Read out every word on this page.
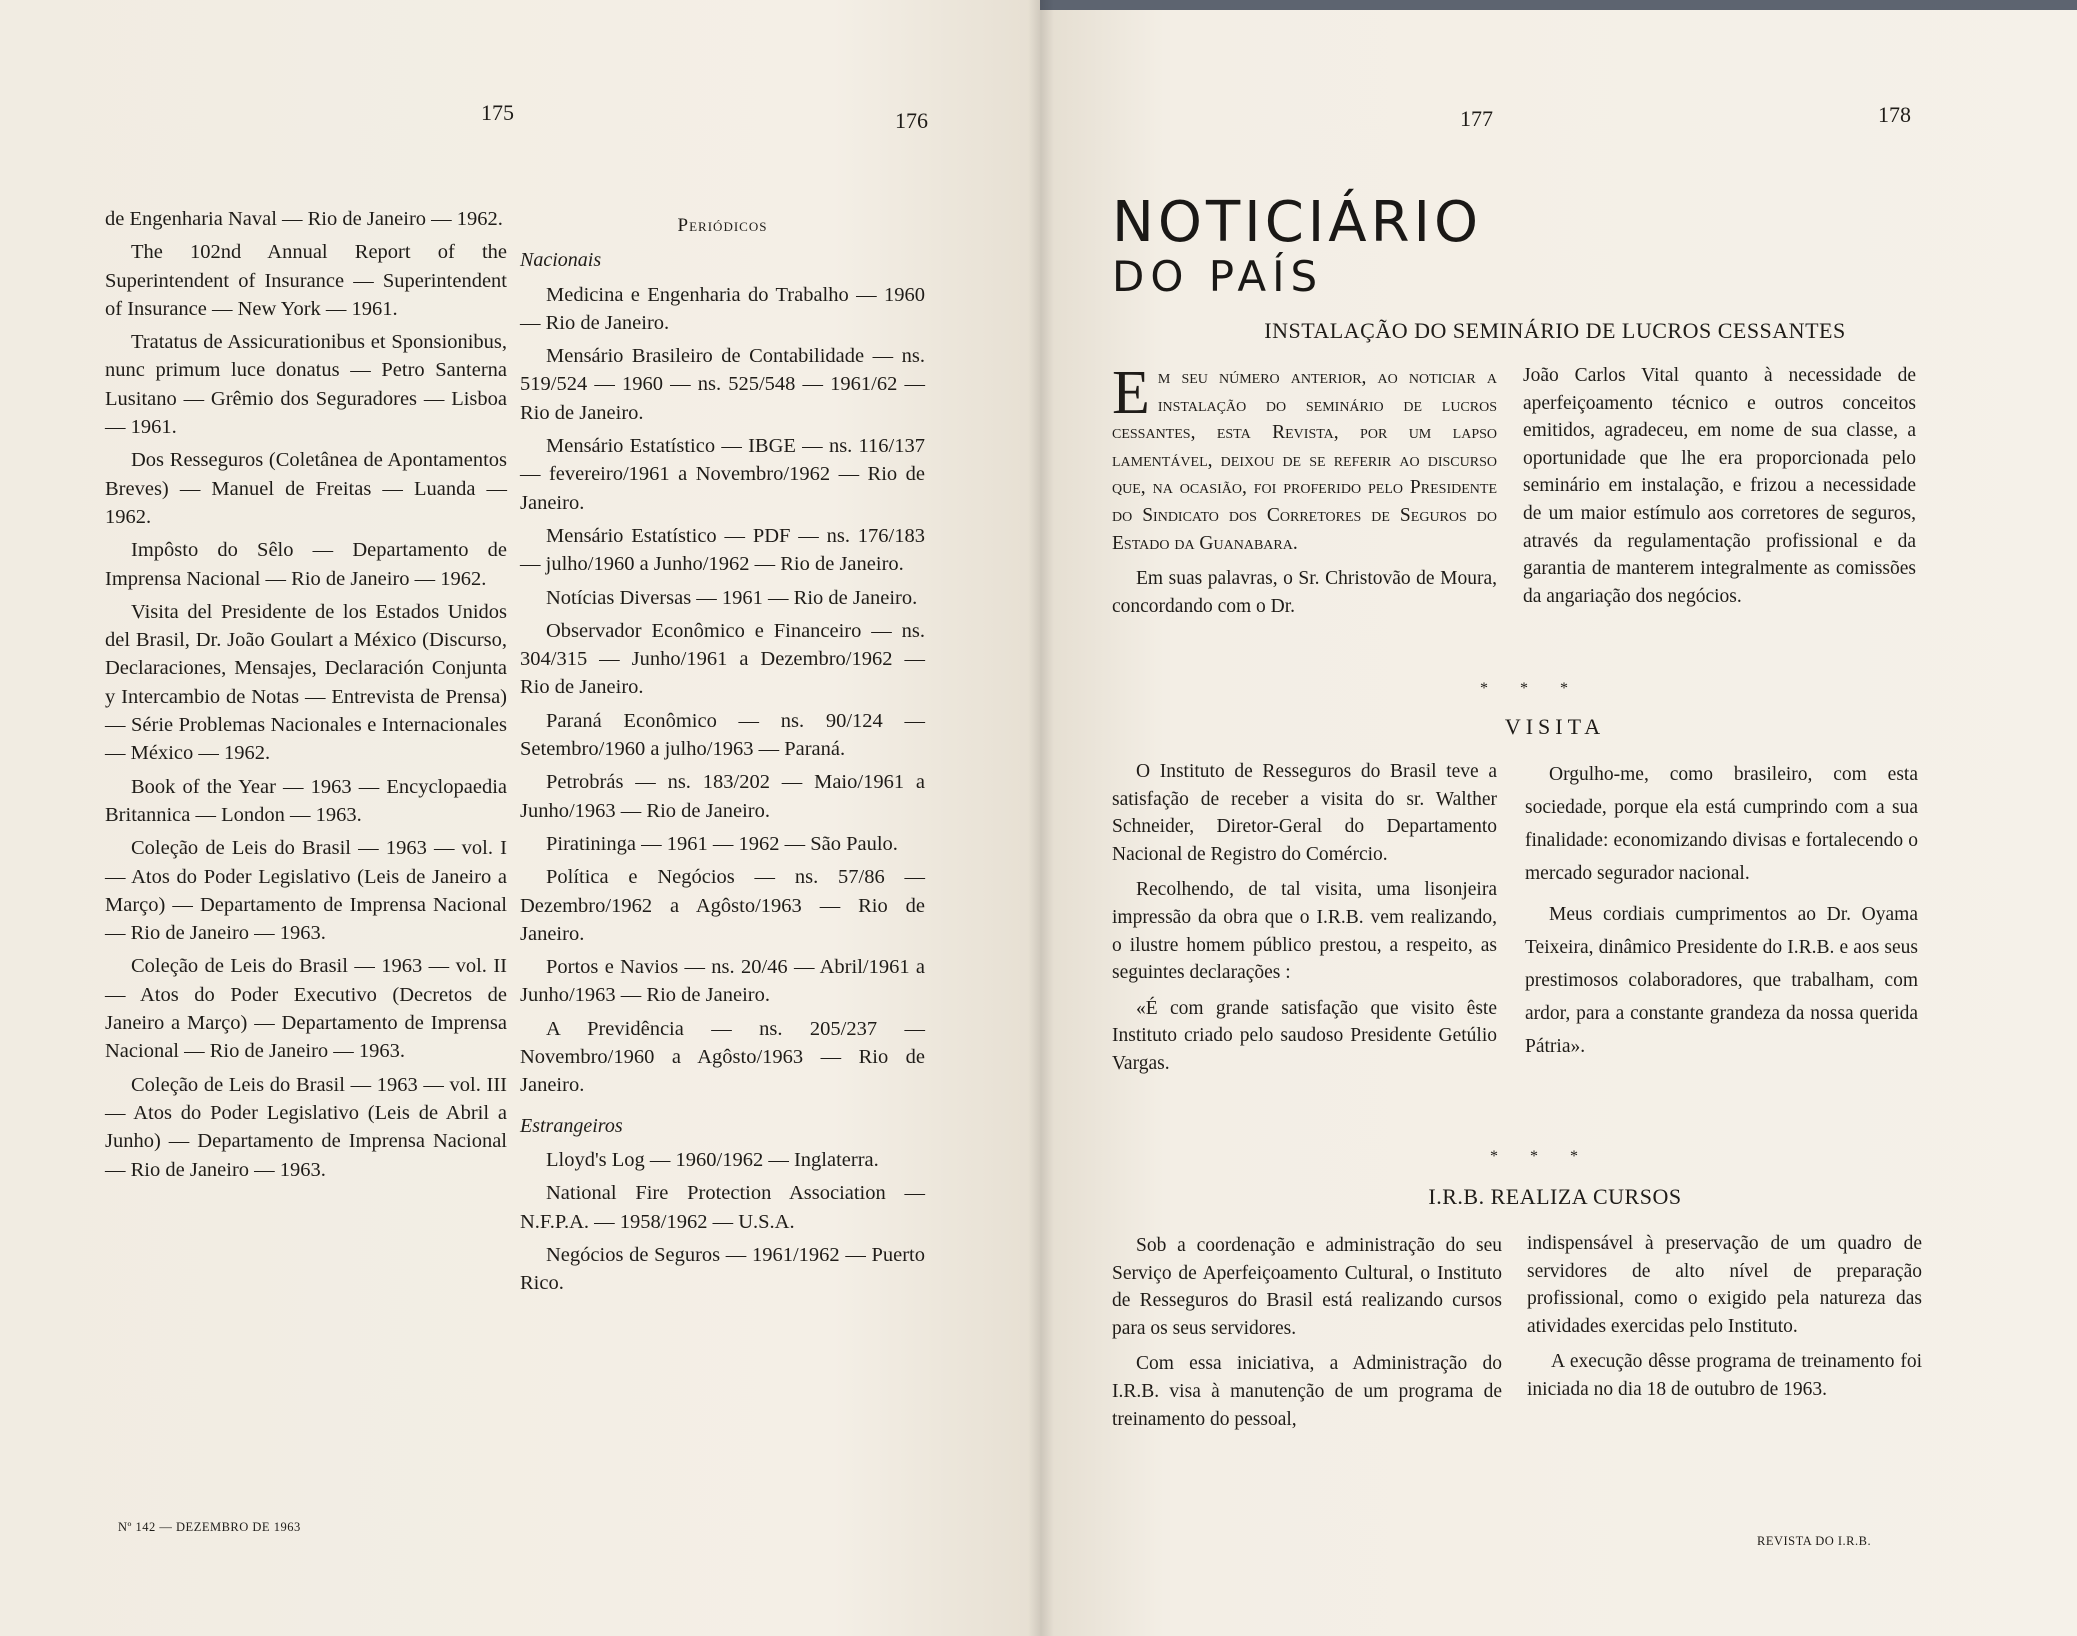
175	176

de Engenharia Naval — Rio de Janeiro — 1962.

The 102nd Annual Report of the Superintendent of Insurance — Superintendent of Insurance — New York — 1961.

Tratatus de Assicurationibus et Sponsionibus, nunc primum luce donatus — Petro Santerna Lusitano — Grêmio dos Seguradores — Lisboa — 1961.

Dos Resseguros (Coletânea de Apontamentos Breves) — Manuel de Freitas — Luanda — 1962.

Impôsto do Sêlo — Departamento de Imprensa Nacional — Rio de Janeiro — 1962.

Visita del Presidente de los Estados Unidos del Brasil, Dr. João Goulart a México (Discurso, Declaraciones, Mensajes, Declaración Conjunta y Intercambio de Notas — Entrevista de Prensa) — Série Problemas Nacionales e Internacionales — México — 1962.

Book of the Year — 1963 — Encyclopaedia Britannica — London — 1963.

Coleção de Leis do Brasil — 1963 — vol. I — Atos do Poder Legislativo (Leis de Janeiro a Março) — Departamento de Imprensa Nacional — Rio de Janeiro — 1963.

Coleção de Leis do Brasil — 1963 — vol. II — Atos do Poder Executivo (Decretos de Janeiro a Março) — Departamento de Imprensa Nacional — Rio de Janeiro — 1963.

Coleção de Leis do Brasil — 1963 — vol. III — Atos do Poder Legislativo (Leis de Abril a Junho) — Departamento de Imprensa Nacional — Rio de Janeiro — 1963.

Periódicos
Nacionais

Medicina e Engenharia do Trabalho — 1960 — Rio de Janeiro.

Mensário Brasileiro de Contabilidade — ns. 519/524 — 1960 — ns. 525/548 — 1961/62 — Rio de Janeiro.

Mensário Estatístico — IBGE — ns. 116/137 — fevereiro/1961 a Novembro/1962 — Rio de Janeiro.

Mensário Estatístico — PDF — ns. 176/183 — julho/1960 a Junho/1962 — Rio de Janeiro.

Notícias Diversas — 1961 — Rio de Janeiro.

Observador Econômico e Financeiro — ns. 304/315 — Junho/1961 a Dezembro/1962 — Rio de Janeiro.

Paraná Econômico — ns. 90/124 — Setembro/1960 a julho/1963 — Paraná.

Petrobrás — ns. 183/202 — Maio/1961 a Junho/1963 — Rio de Janeiro.

Piratininga — 1961 — 1962 — São Paulo.

Política e Negócios — ns. 57/86 — Dezembro/1962 a Agôsto/1963 — Rio de Janeiro.

Portos e Navios — ns. 20/46 — Abril/1961 a Junho/1963 — Rio de Janeiro.

A Previdência — ns. 205/237 — Novembro/1960 a Agôsto/1963 — Rio de Janeiro.

Estrangeiros

Lloyd's Log — 1960/1962 — Inglaterra.

National Fire Protection Association — N.F.P.A. — 1958/1962 — U.S.A.

Negócios de Seguros — 1961/1962 — Puerto Rico.

Nº 142 — DEZEMBRO DE 1963
177	178
NOTICIÁRIO
DO PAÍS
INSTALAÇÃO DO SEMINÁRIO DE LUCROS CESSANTES

Em seu número anterior, ao noticiar a instalação do seminário de lucros cessantes, esta Revista, por um lapso lamentável, deixou de se referir ao discurso que, na ocasião, foi proferido pelo Presidente do Sindicato dos Corretores de Seguros do Estado da Guanabara.

Em suas palavras, o Sr. Christovão de Moura, concordando com o Dr.

João Carlos Vital quanto à necessidade de aperfeiçoamento técnico e outros conceitos emitidos, agradeceu, em nome de sua classe, a oportunidade que lhe era proporcionada pelo seminário em instalação, e frizou a necessidade de um maior estímulo aos corretores de seguros, através da regulamentação profissional e da garantia de manterem integralmente as comissões da angariação dos negócios.

* * *
VISITA

O Instituto de Resseguros do Brasil teve a satisfação de receber a visita do sr. Walther Schneider, Diretor-Geral do Departamento Nacional de Registro do Comércio.

Recolhendo, de tal visita, uma lisonjeira impressão da obra que o I.R.B. vem realizando, o ilustre homem público prestou, a respeito, as seguintes declarações :

«É com grande satisfação que visito êste Instituto criado pelo saudoso Presidente Getúlio Vargas.

Orgulho-me, como brasileiro, com esta sociedade, porque ela está cumprindo com a sua finalidade: economizando divisas e fortalecendo o mercado segurador nacional.

Meus cordiais cumprimentos ao Dr. Oyama Teixeira, dinâmico Presidente do I.R.B. e aos seus prestimosos colaboradores, que trabalham, com ardor, para a constante grandeza da nossa querida Pátria».

* * *
I.R.B. REALIZA CURSOS

Sob a coordenação e administração do seu Serviço de Aperfeiçoamento Cultural, o Instituto de Resseguros do Brasil está realizando cursos para os seus servidores.

Com essa iniciativa, a Administração do I.R.B. visa à manutenção de um programa de treinamento do pessoal,

indispensável à preservação de um quadro de servidores de alto nível de preparação profissional, como o exigido pela natureza das atividades exercidas pelo Instituto.

A execução dêsse programa de treinamento foi iniciada no dia 18 de outubro de 1963.

REVISTA DO I.R.B.
